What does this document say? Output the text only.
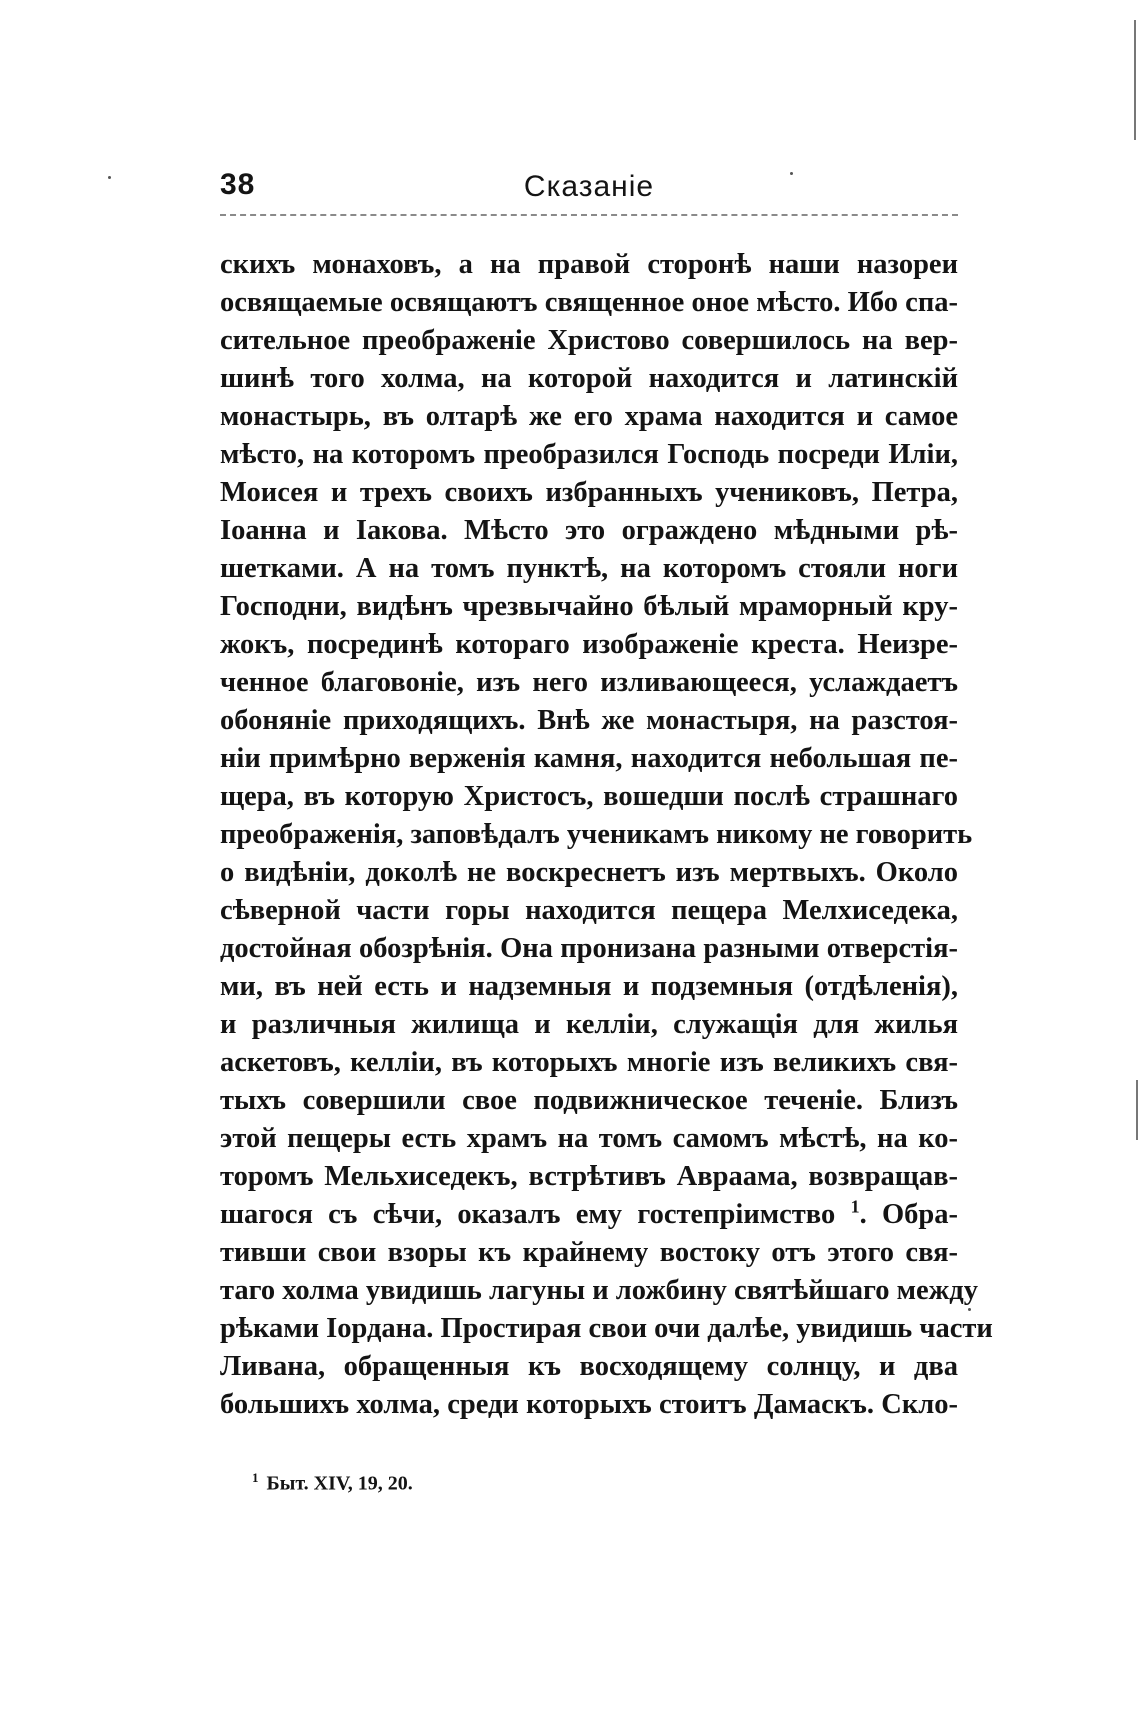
38	Сказаніе
скихъ монаховъ, а на правой сторонѣ наши назореи
освящаемые освящаютъ священное оное мѣсто. Ибо спа-
сительное преображеніе Христово совершилось на вер-
шинѣ того холма, на которой находится и латинскій
монастырь, въ олтарѣ же его храма находится и самое
мѣсто, на которомъ преобразился Господь посреди Иліи,
Моисея и трехъ своихъ избранныхъ учениковъ, Петра,
Іоанна и Іакова. Мѣсто это ограждено мѣдными рѣ-
шетками. А на томъ пунктѣ, на которомъ стояли ноги
Господни, видѣнъ чрезвычайно бѣлый мраморный кру-
жокъ, посрединѣ котораго изображеніе креста. Неизре-
ченное благовоніе, изъ него изливающееся, услаждаетъ
обоняніе приходящихъ. Внѣ же монастыря, на разстоя-
ніи примѣрно верженія камня, находится небольшая пе-
щера, въ которую Христосъ, вошедши послѣ страшнаго
преображенія, заповѣдалъ ученикамъ никому не говорить
о видѣніи, доколѣ не воскреснетъ изъ мертвыхъ. Около
сѣверной части горы находится пещера Мелхиседека,
достойная обозрѣнія. Она пронизана разными отверстія-
ми, въ ней есть и надземныя и подземныя (отдѣленія),
и различныя жилища и келліи, служащія для жилья
аскетовъ, келліи, въ которыхъ многіе изъ великихъ свя-
тыхъ совершили свое подвижническое теченіе. Близъ
этой пещеры есть храмъ на томъ самомъ мѣстѣ, на ко-
торомъ Мельхиседекъ, встрѣтивъ Авраама, возвращав-
шагося съ сѣчи, оказалъ ему гостепріимство $^1$. Обра-
тивши свои взоры къ крайнему востоку отъ этого свя-
таго холма увидишь лагуны и ложбину святѣйшаго между
рѣками Іордана. Простирая свои очи далѣе, увидишь части
Ливана, обращенныя къ восходящему солнцу, и два
большихъ холма, среди которыхъ стоитъ Дамаскъ. Скло-
$^1$ Быт. XIV, 19, 20.
